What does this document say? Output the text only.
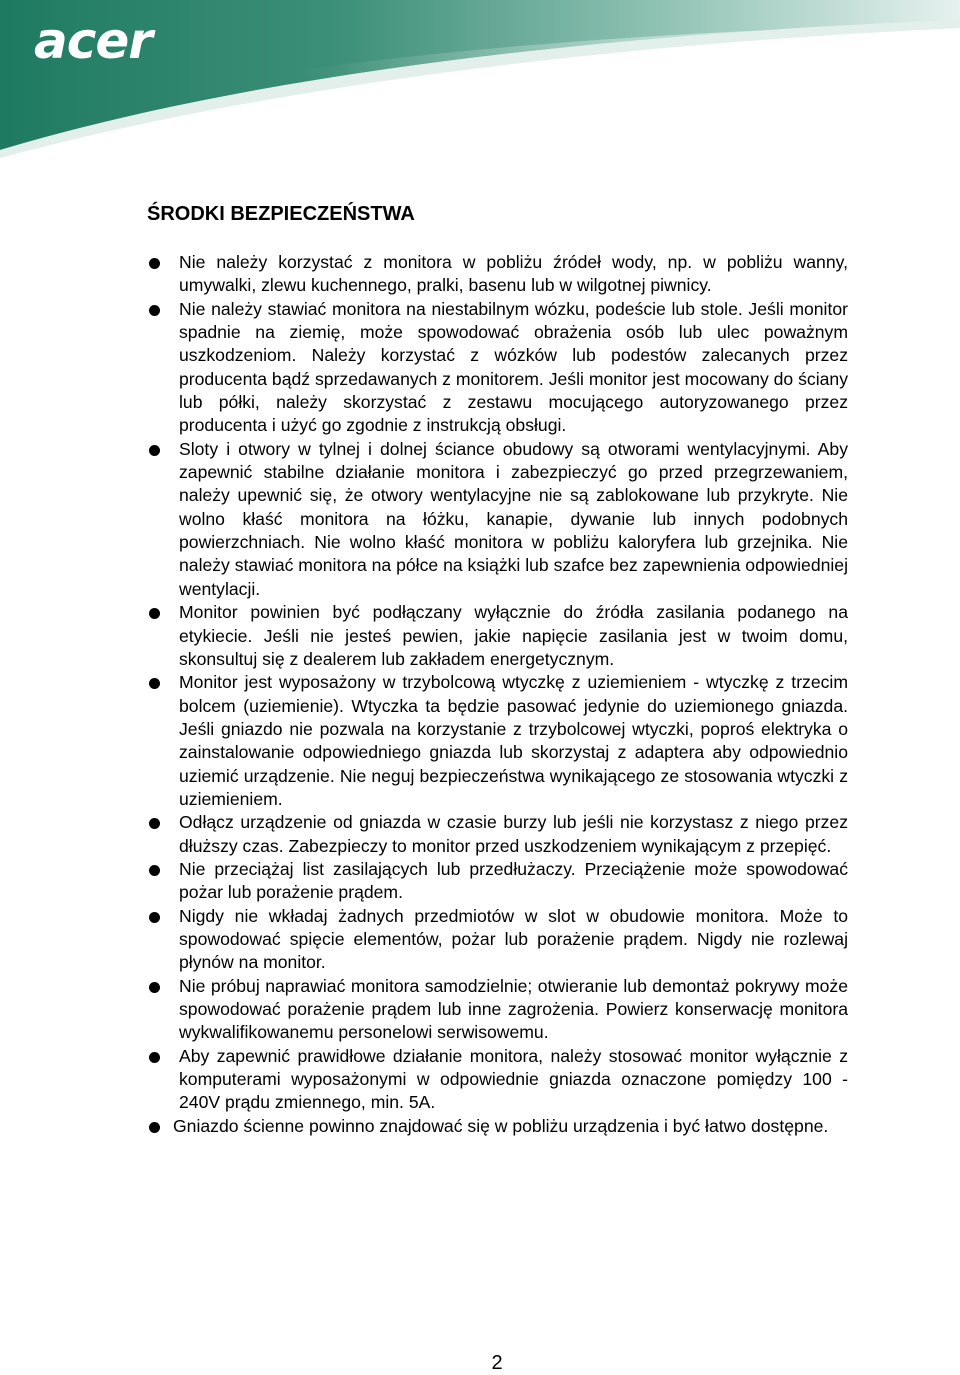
acer
ŚRODKI BEZPIECZEŃSTWA
Nie należy korzystać z monitora w pobliżu źródeł wody, np. w pobliżu wanny, umywalki, zlewu kuchennego, pralki, basenu lub w wilgotnej piwnicy.
Nie należy stawiać monitora na niestabilnym wózku, podeście lub stole. Jeśli monitor spadnie na ziemię, może spowodować obrażenia osób lub ulec poważnym uszkodzeniom. Należy korzystać z wózków lub podestów zalecanych przez producenta bądź sprzedawanych z monitorem. Jeśli monitor jest mocowany do ściany lub półki, należy skorzystać z zestawu mocującego autoryzowanego przez producenta i użyć go zgodnie z instrukcją obsługi.
Sloty i otwory w tylnej i dolnej ściance obudowy są otworami wentylacyjnymi. Aby zapewnić stabilne działanie monitora i zabezpieczyć go przed przegrzewaniem, należy upewnić się, że otwory wentylacyjne nie są zablokowane lub przykryte. Nie wolno kłaść monitora na łóżku, kanapie, dywanie lub innych podobnych powierzchniach. Nie wolno kłaść monitora w pobliżu kaloryfera lub grzejnika. Nie należy stawiać monitora na półce na książki lub szafce bez zapewnienia odpowiedniej wentylacji.
Monitor powinien być podłączany wyłącznie do źródła zasilania podanego na etykiecie. Jeśli nie jesteś pewien, jakie napięcie zasilania jest w twoim domu, skonsultuj się z dealerem lub zakładem energetycznym.
Monitor jest wyposażony w trzybolcową wtyczkę z uziemieniem - wtyczkę z trzecim bolcem (uziemienie). Wtyczka ta będzie pasować jedynie do uziemionego gniazda. Jeśli gniazdo nie pozwala na korzystanie z trzybolcowej wtyczki, poproś elektryka o zainstalowanie odpowiedniego gniazda lub skorzystaj z adaptera aby odpowiednio uziemić urządzenie. Nie neguj bezpieczeństwa wynikającego ze stosowania wtyczki z uziemieniem.
Odłącz urządzenie od gniazda w czasie burzy lub jeśli nie korzystasz z niego przez dłuższy czas. Zabezpieczy to monitor przed uszkodzeniem wynikającym z przepięć.
Nie przeciążaj list zasilających lub przedłużaczy. Przeciążenie może spowodować pożar lub porażenie prądem.
Nigdy nie wkładaj żadnych przedmiotów w slot w obudowie monitora. Może to spowodować spięcie elementów, pożar lub porażenie prądem. Nigdy nie rozlewaj płynów na monitor.
Nie próbuj naprawiać monitora samodzielnie; otwieranie lub demontaż pokrywy może spowodować porażenie prądem lub inne zagrożenia. Powierz konserwację monitora wykwalifikowanemu personelowi serwisowemu.
Aby zapewnić prawidłowe działanie monitora, należy stosować monitor wyłącznie z komputerami wyposażonymi w odpowiednie gniazda oznaczone pomiędzy 100 - 240V prądu zmiennego, min. 5A.
Gniazdo ścienne powinno znajdować się w pobliżu urządzenia i być łatwo dostępne.
2
